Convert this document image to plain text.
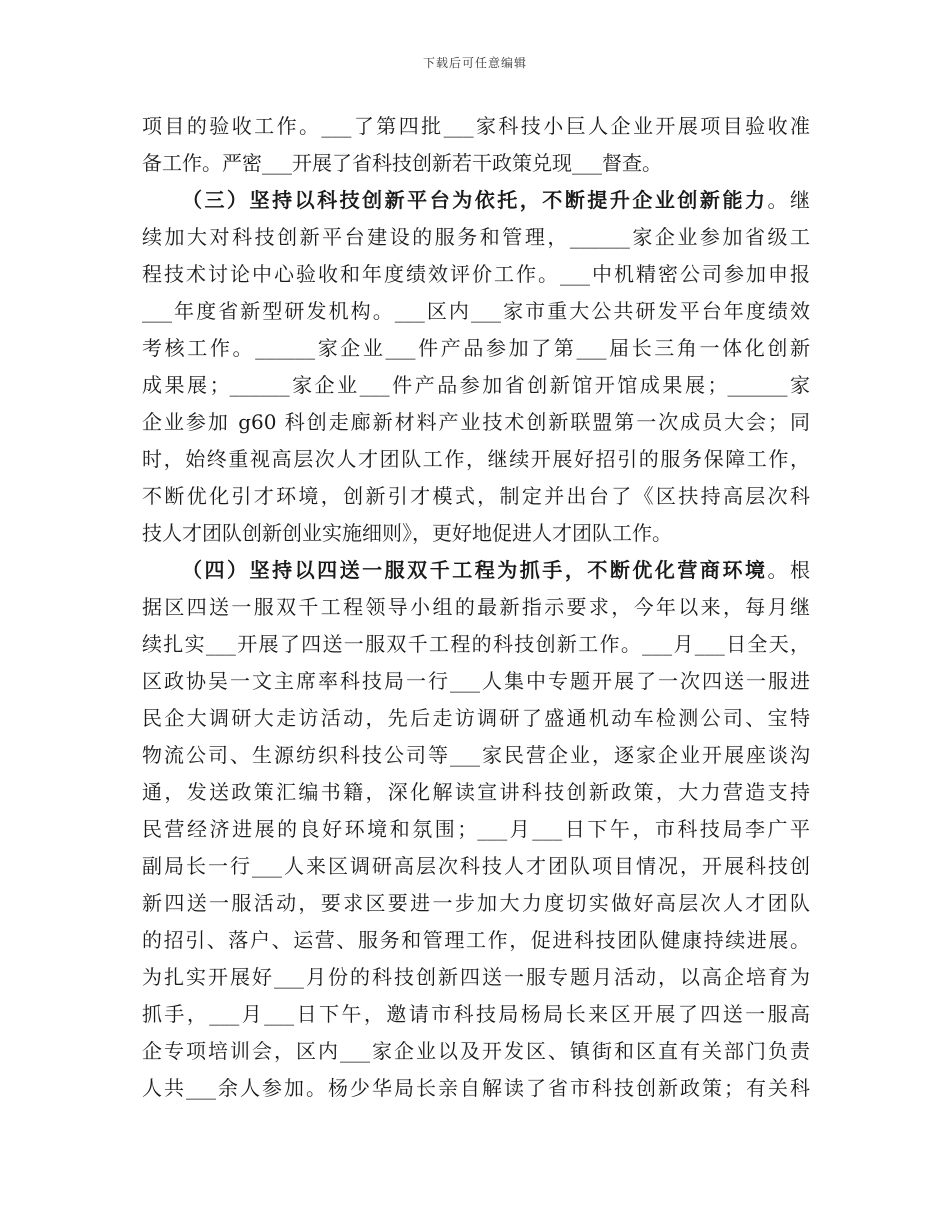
下载后可任意编辑
项目的验收工作。___了第四批___家科技小巨人企业开展项目验收准
备工作。严密___开展了省科技创新若干政策兑现___督查。
（三）坚持以科技创新平台为依托，不断提升企业创新能力。继
续加大对科技创新平台建设的服务和管理，______家企业参加省级工
程技术讨论中心验收和年度绩效评价工作。___中机精密公司参加申报
___年度省新型研发机构。___区内___家市重大公共研发平台年度绩效
考核工作。______家企业___件产品参加了第___届长三角一体化创新
成果展；______家企业___件产品参加省创新馆开馆成果展；______家
企业参加 g60 科创走廊新材料产业技术创新联盟第一次成员大会；同
时，始终重视高层次人才团队工作，继续开展好招引的服务保障工作，
不断优化引才环境，创新引才模式，制定并出台了《区扶持高层次科
技人才团队创新创业实施细则》，更好地促进人才团队工作。
（四）坚持以四送一服双千工程为抓手，不断优化营商环境。根
据区四送一服双千工程领导小组的最新指示要求，今年以来，每月继
续扎实___开展了四送一服双千工程的科技创新工作。___月___日全天，
区政协吴一文主席率科技局一行___人集中专题开展了一次四送一服进
民企大调研大走访活动，先后走访调研了盛通机动车检测公司、宝特
物流公司、生源纺织科技公司等___家民营企业，逐家企业开展座谈沟
通，发送政策汇编书籍，深化解读宣讲科技创新政策，大力营造支持
民营经济进展的良好环境和氛围；___月___日下午，市科技局李广平
副局长一行___人来区调研高层次科技人才团队项目情况，开展科技创
新四送一服活动，要求区要进一步加大力度切实做好高层次人才团队
的招引、落户、运营、服务和管理工作，促进科技团队健康持续进展。
为扎实开展好___月份的科技创新四送一服专题月活动，以高企培育为
抓手，___月___日下午，邀请市科技局杨局长来区开展了四送一服高
企专项培训会，区内___家企业以及开发区、镇街和区直有关部门负责
人共___余人参加。杨少华局长亲自解读了省市科技创新政策；有关科
